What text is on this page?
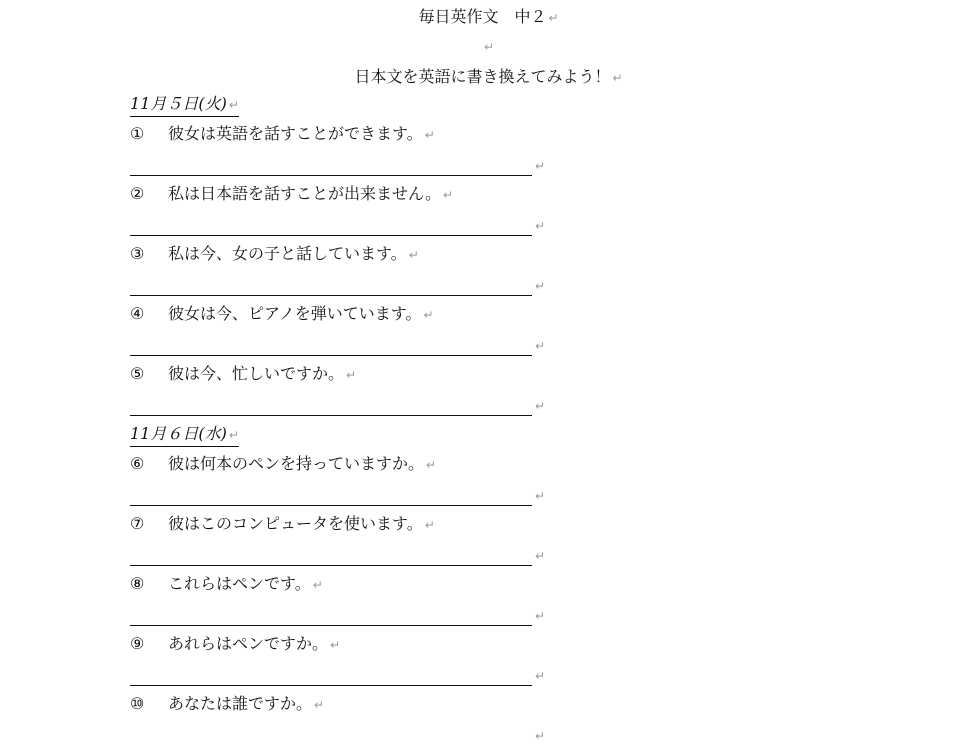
毎日英作文　中２ ↵
↵
日本文を英語に書き換えてみよう！ ↵
11月５日(火) ↵
① 彼女は英語を話すことができます。 ↵
↵
② 私は日本語を話すことが出来ません。 ↵
↵
③ 私は今、女の子と話しています。 ↵
↵
④ 彼女は今、ピアノを弾いています。 ↵
↵
⑤ 彼は今、忙しいですか。 ↵
↵
11月６日(水) ↵
⑥ 彼は何本のペンを持っていますか。 ↵
↵
⑦ 彼はこのコンピュータを使います。 ↵
↵
⑧ これらはペンです。 ↵
↵
⑨ あれらはペンですか。 ↵
↵
⑩ あなたは誰ですか。 ↵
↵
